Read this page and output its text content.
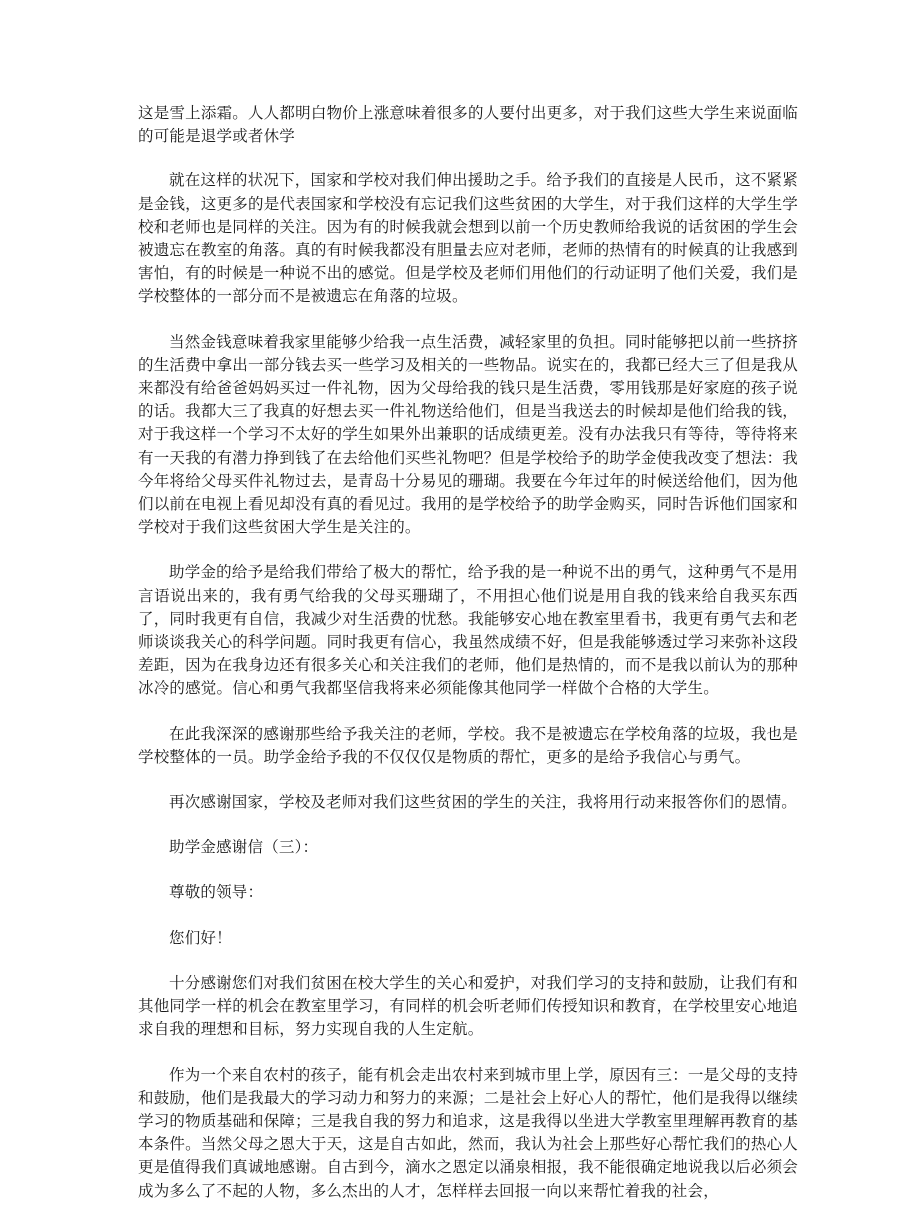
这是雪上添霜。人人都明白物价上涨意味着很多的人要付出更多，对于我们这些大学生来说面临的可能是退学或者休学

就在这样的状况下，国家和学校对我们伸出援助之手。给予我们的直接是人民币，这不紧紧是金钱，这更多的是代表国家和学校没有忘记我们这些贫困的大学生，对于我们这样的大学生学校和老师也是同样的关注。因为有的时候我就会想到以前一个历史教师给我说的话贫困的学生会被遗忘在教室的角落。真的有时候我都没有胆量去应对老师，老师的热情有的时候真的让我感到害怕，有的时候是一种说不出的感觉。但是学校及老师们用他们的行动证明了他们关爱，我们是学校整体的一部分而不是被遗忘在角落的垃圾。

当然金钱意味着我家里能够少给我一点生活费，减轻家里的负担。同时能够把以前一些挤挤的生活费中拿出一部分钱去买一些学习及相关的一些物品。说实在的，我都已经大三了但是我从来都没有给爸爸妈妈买过一件礼物，因为父母给我的钱只是生活费，零用钱那是好家庭的孩子说的话。我都大三了我真的好想去买一件礼物送给他们，但是当我送去的时候却是他们给我的钱，对于我这样一个学习不太好的学生如果外出兼职的话成绩更差。没有办法我只有等待，等待将来有一天我的有潜力挣到钱了在去给他们买些礼物吧？但是学校给予的助学金使我改变了想法：我今年将给父母买件礼物过去，是青岛十分易见的珊瑚。我要在今年过年的时候送给他们，因为他们以前在电视上看见却没有真的看见过。我用的是学校给予的助学金购买，同时告诉他们国家和学校对于我们这些贫困大学生是关注的。

助学金的给予是给我们带给了极大的帮忙，给予我的是一种说不出的勇气，这种勇气不是用言语说出来的，我有勇气给我的父母买珊瑚了，不用担心他们说是用自我的钱来给自我买东西了，同时我更有自信，我减少对生活费的忧愁。我能够安心地在教室里看书，我更有勇气去和老师谈谈我关心的科学问题。同时我更有信心，我虽然成绩不好，但是我能够透过学习来弥补这段差距，因为在我身边还有很多关心和关注我们的老师，他们是热情的，而不是我以前认为的那种冰冷的感觉。信心和勇气我都坚信我将来必须能像其他同学一样做个合格的大学生。

在此我深深的感谢那些给予我关注的老师，学校。我不是被遗忘在学校角落的垃圾，我也是学校整体的一员。助学金给予我的不仅仅仅是物质的帮忙，更多的是给予我信心与勇气。

再次感谢国家，学校及老师对我们这些贫困的学生的关注，我将用行动来报答你们的恩情。

助学金感谢信（三）：

尊敬的领导：

您们好！

十分感谢您们对我们贫困在校大学生的关心和爱护，对我们学习的支持和鼓励，让我们有和其他同学一样的机会在教室里学习，有同样的机会听老师们传授知识和教育，在学校里安心地追求自我的理想和目标，努力实现自我的人生定航。

作为一个来自农村的孩子，能有机会走出农村来到城市里上学，原因有三：一是父母的支持和鼓励，他们是我最大的学习动力和努力的来源；二是社会上好心人的帮忙，他们是我得以继续学习的物质基础和保障；三是我自我的努力和追求，这是我得以坐进大学教室里理解再教育的基本条件。当然父母之恩大于天，这是自古如此，然而，我认为社会上那些好心帮忙我们的热心人更是值得我们真诚地感谢。自古到今，滴水之恩定以涌泉相报，我不能很确定地说我以后必须会成为多么了不起的人物，多么杰出的人才，怎样样去回报一向以来帮忙着我的社会，
